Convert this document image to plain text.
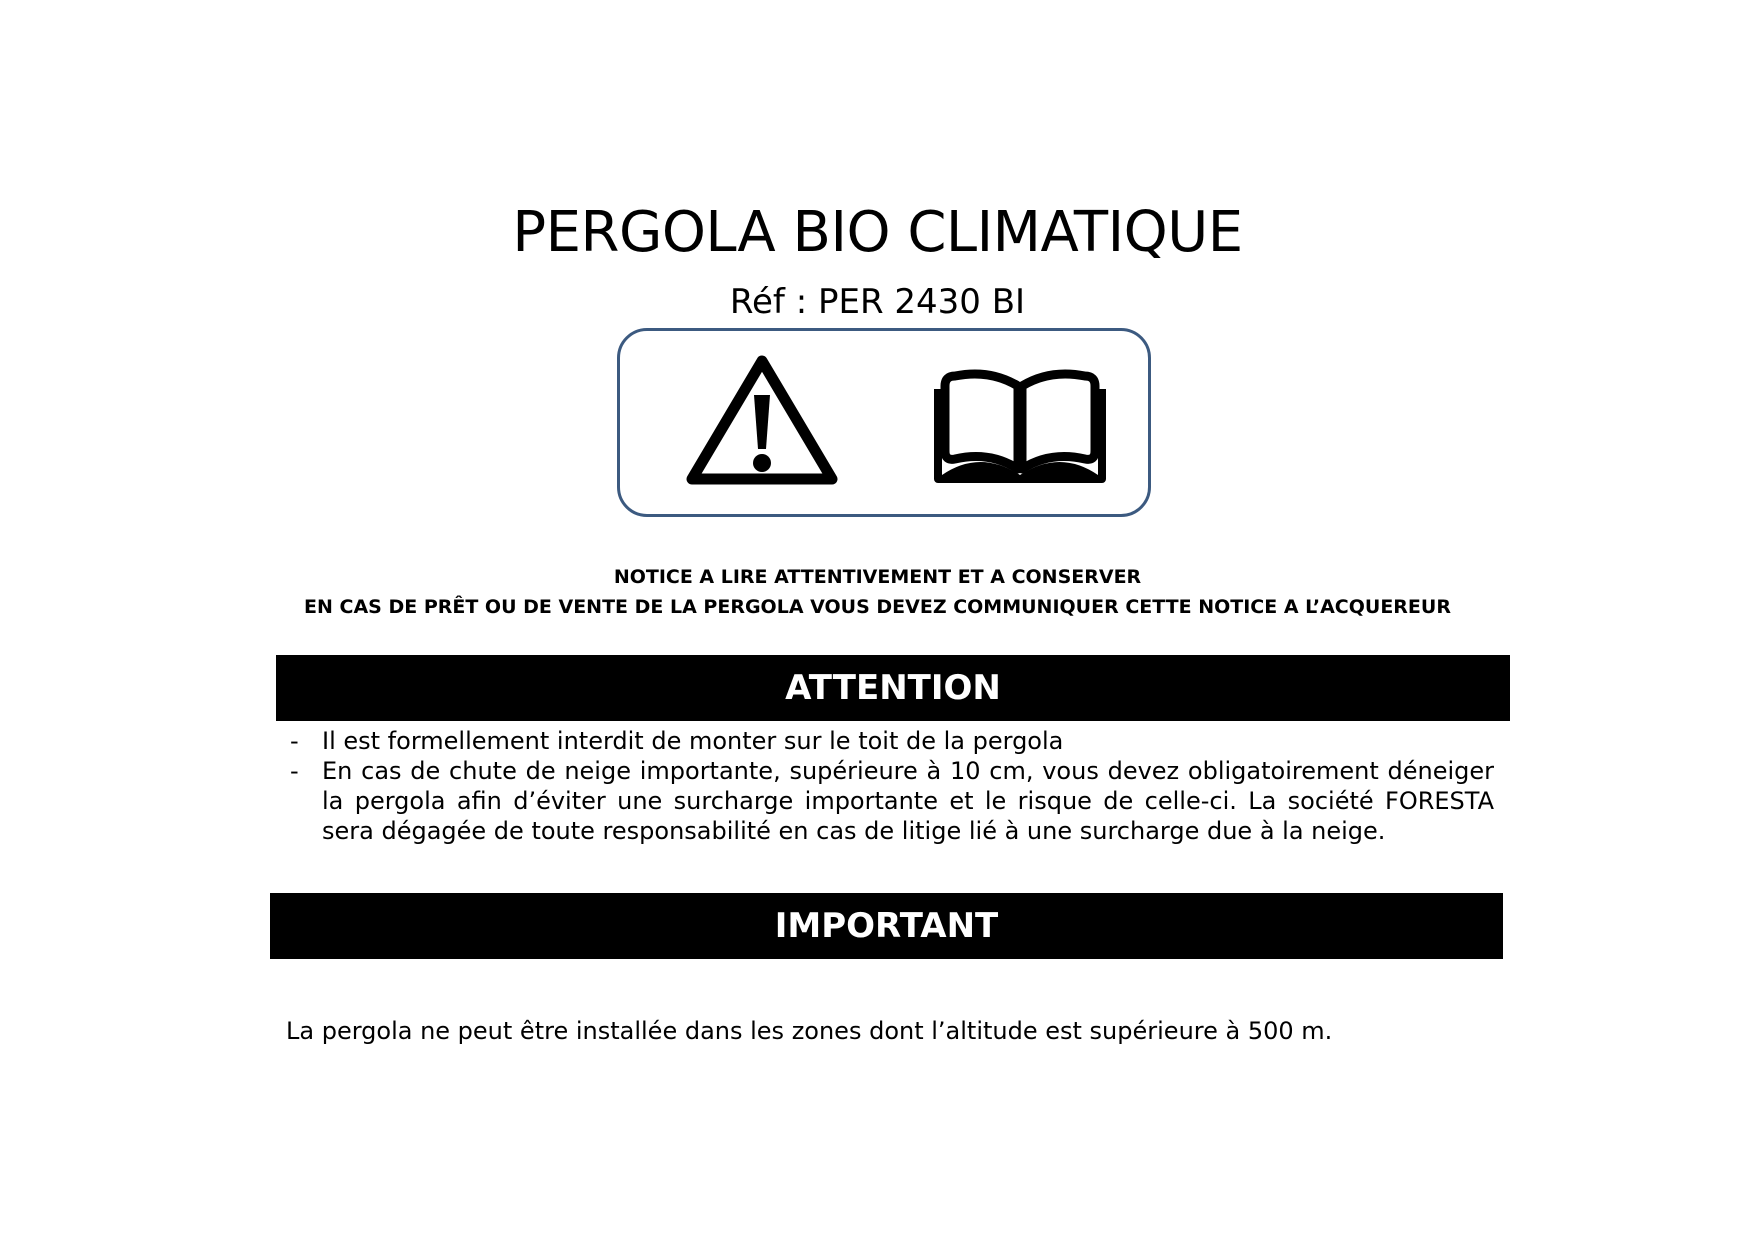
PERGOLA BIO CLIMATIQUE
Réf : PER 2430 BI
NOTICE A LIRE ATTENTIVEMENT ET A CONSERVER
EN CAS DE PRÊT OU DE VENTE DE LA PERGOLA VOUS DEVEZ COMMUNIQUER CETTE NOTICE A L’ACQUEREUR
ATTENTION
- Il est formellement interdit de monter sur le toit de la pergola
- En cas de chute de neige importante, supérieure à 10 cm, vous devez obligatoirement déneiger la pergola afin d’éviter une surcharge importante et le risque de celle-ci. La société FORESTA sera dégagée de toute responsabilité en cas de litige lié à une surcharge due à la neige.
IMPORTANT
La pergola ne peut être installée dans les zones dont l’altitude est supérieure à 500 m.
